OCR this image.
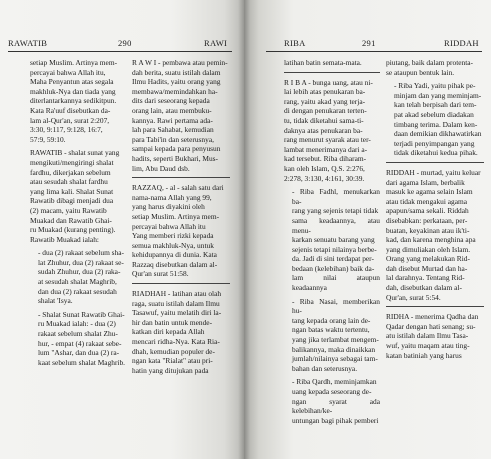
RAWATIB	290	RAWI

setiap Muslim. Artinya mem-
percayai bahwa Allah itu,
Maha Penyantun atas segala
makhluk-Nya dan tiada yang
diterlantarkannya sedikitpun.
Kata Ra'uuf disebutkan da-
lam al-Qur'an, surat 2:207,
3:30, 9:117, 9:128, 16:7,
57:9, 59:10.

RAWATIB - shalat sunat yang
mengikuti/mengiringi shalat
fardhu, dikerjakan sebelum
atau sesudah shalat fardhu
yang lima kali. Shalat Sunat
Rawatib dibagi menjadi dua
(2) macam, yaitu Rawatib
Muakad dan Rawatib Ghai-
ru Muakad (kurang penting).
Rawatib Muakad ialah:

- dua (2) rakaat sebelum sha-
lat Zhuhur, dua (2) rakaat se-
sudah Zhuhur, dua (2) raka-
at sesudah shalat Maghrib,
dan dua (2) rakaat sesudah
shalat 'Isya.

- Shalat Sunat Rawatib Ghai-
ru Muakad ialah: - dua (2)
rakaat sebelum shalat Zhu-
hur, - empat (4) rakaat sebe-
lum "Ashar, dan dua (2) ra-
kaat sebelum shalat Maghrib.

R A W I - pembawa atau pemin-
dah berita, suatu istilah dalam
Ilmu Hadits, yaitu orang yang
membawa/memindahkan ha-
dits dari seseorang kepada
orang lain, atau membuku-
kannya. Rawi pertama ada-
lah para Sahabat, kemudian
para Tabi'in dan seterusnya,
sampai kepada para penyusun
hadits, seperti Bukhari, Mus-
lim, Abu Daud dsb.

RAZZAQ, - al - salah satu dari
nama-nama Allah yang 99,
yang harus diyakini oleh
setiap Muslim. Artinya mem-
percayai bahwa Allah itu
Yang memberi rizki kepada
semua makhluk-Nya, untuk
kehidupannya di dunia. Kata
Razzaq disebutkan dalam al-
Qur'an surat 51:58.

RIADHAH - latihan atau olah
raga, suatu istilah dalam Ilmu
Tasawuf, yaitu melatih diri la-
hir dan batin untuk mende-
katkan diri kepada Allah
mencari ridha-Nya. Kata Ria-
dhah, kemudian populer de-
ngan kata "Rialat" atau pri-
hatin yang ditujukan pada

RIBA	291	RIDDAH

latihan batin semata-mata.

R I B A - bunga uang, atau ni-
lai lebih atas penukaran ba-
rang, yaitu akad yang terja-
di dengan penukaran terten-
tu, tidak diketahui sama-ti-
daknya atas penukaran ba-
rang menurut syarak atau ter-
lambat menerimanya dari a-
kad tersebut. Riba diharam-
kan oleh Islam, Q.S. 2:276,
2:278, 3:130, 4:161, 30:39.

- Riba Fadhl, menukarkan ba-
rang yang sejenis tetapi tidak
sama keadaannya, atau menu-
karkan senuatu barang yang
sejenis tetapi nilainya berbe-
da. Jadi di sini terdapat per-
bedaan (kelebihan) baik da-
lam nilai ataupun keadaannya

- Riba Nasai, memberikan hu-
tang kepada orang lain de-
ngan batas waktu tertentu,
yang jika terlambat mengem-
balikannya, maka dinaikkan
jumlah/nilainya sebagai tam-
bahan dan seterusnya.

- Riba Qardh, meminjamkan
uang kepada seseorang de-
ngan syarat ada kelebihan/ke-
untungan bagi pihak pemberi

piutang, baik dalam protenta-
se ataupun bentuk lain.

- Riba Yadi, yaitu pihak pe-
minjam dan yang meminjam-
kan telah berpisah dari tem-
pat akad sebelum diadakan
timbang terima. Dalam ken-
daan demikian dikhawatirkan
terjadi penyimpangan yang
tidak diketahui kedua pihak.

RIDDAH - murtad, yaitu keluar
dari agama Islam, berbalik
masuk ke agama selain Islam
atau tidak mengakui agama
apapun/sama sekali. Riddah
disebabkan: perkataan, per-
buatan, keyakinan atau ik'ti-
kad, dan karena menghina apa
yang dimuliakan oleh Islam.
Orang yang melakukan Rid-
dah disebut Murtad dan ha-
lal darahnya. Tentang Rid-
dah, disebutkan dalam al-
Qur'an, surat 5:54.

RIDHA - menerima Qadha dan
Qadar dengan hati senang; su-
atu istilah dalam Ilmu Tasa-
wuf, yaitu maqam atau ting-
katan batiniah yang harus
